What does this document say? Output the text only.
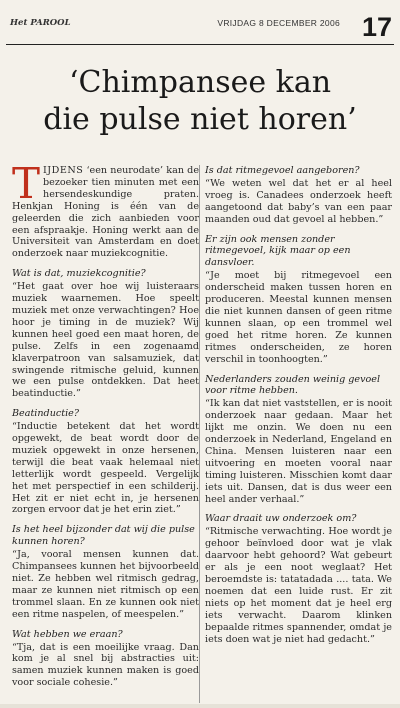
Het PAROOL	VRIJDAG 8 DECEMBER 2006 17
‘Chimpansee kan
die pulse niet horen’

TIJDENS ‘een neurodate’ kan de bezoeker tien minuten met een hersendeskundige praten. Henkjan Honing is één van de geleerden die zich aanbieden voor een afspraakje. Honing werkt aan de Universiteit van Amsterdam en doet onderzoek naar muziekcognitie.

Wat is dat, muziekcognitie?

“Het gaat over hoe wij luisteraars muziek waarnemen. Hoe speelt muziek met onze verwachtingen? Hoe hoor je timing in de muziek? Wij kunnen heel goed een maat horen, de pulse. Zelfs in een zogenaamd klaverpatroon van salsamuziek, dat swingende ritmische geluid, kunnen we een pulse ontdekken. Dat heet beatinductie.”

Beatinductie?

“Inductie betekent dat het wordt opgewekt, de beat wordt door de muziek opgewekt in onze hersenen, terwijl die beat vaak helemaal niet letterlijk wordt gespeeld. Vergelijk het met perspectief in een schilderij. Het zit er niet echt in, je hersenen zorgen ervoor dat je het erin ziet.”

Is het heel bijzonder dat wij die pulse kunnen horen?

“Ja, vooral mensen kunnen dat. Chimpansees kunnen het bijvoorbeeld niet. Ze hebben wel ritmisch gedrag, maar ze kunnen niet ritmisch op een trommel slaan. En ze kunnen ook niet een ritme naspelen, of meespelen.”

Wat hebben we eraan?

“Tja, dat is een moeilijke vraag. Dan kom je al snel bij abstracties uit: samen muziek kunnen maken is goed voor sociale cohesie.”

Is dat ritmegevoel aangeboren?

“We weten wel dat het er al heel vroeg is. Canadees onderzoek heeft aangetoond dat baby’s van een paar maanden oud dat gevoel al hebben.”

Er zijn ook mensen zonder ritmegevoel, kijk maar op een dansvloer.

“Je moet bij ritmegevoel een onderscheid maken tussen horen en produceren. Meestal kunnen mensen die niet kunnen dansen of geen ritme kunnen slaan, op een trommel wel goed het ritme horen. Ze kunnen ritmes onderscheiden, ze horen verschil in toonhoogten.”

Nederlanders zouden weinig gevoel voor ritme hebben.

“Ik kan dat niet vaststellen, er is nooit onderzoek naar gedaan. Maar het lijkt me onzin. We doen nu een onderzoek in Nederland, Engeland en China. Mensen luisteren naar een uitvoering en moeten vooral naar timing luisteren. Misschien komt daar iets uit. Dansen, dat is dus weer een heel ander verhaal.”

Waar draait uw onderzoek om?

“Ritmische verwachting. Hoe wordt je gehoor beïnvloed door wat je vlak daarvoor hebt gehoord? Wat gebeurt er als je een noot weglaat? Het beroemdste is: tatatadada .... tata. We noemen dat een luide rust. Er zit niets op het moment dat je heel erg iets verwacht. Daarom klinken bepaalde ritmes spannender, omdat je iets doen wat je niet had gedacht.”
